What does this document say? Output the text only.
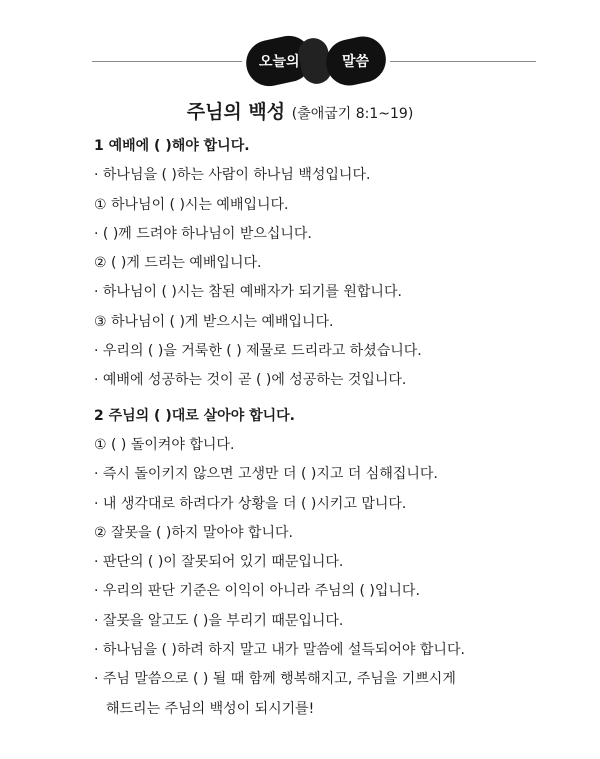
오늘의	말씀
주님의 백성 (출애굽기 8:1~19)
1 예배에 ( )해야 합니다.
· 하나님을 ( )하는 사람이 하나님 백성입니다.
① 하나님이 ( )시는 예배입니다.
· ( )께 드려야 하나님이 받으십니다.
② ( )게 드리는 예배입니다.
· 하나님이 ( )시는 참된 예배자가 되기를 원합니다.
③ 하나님이 ( )게 받으시는 예배입니다.
· 우리의 ( )을 거룩한 ( ) 제물로 드리라고 하셨습니다.
· 예배에 성공하는 것이 곧 ( )에 성공하는 것입니다.
2 주님의 ( )대로 살아야 합니다.
① ( ) 돌이켜야 합니다.
· 즉시 돌이키지 않으면 고생만 더 ( )지고 더 심해집니다.
· 내 생각대로 하려다가 상황을 더 ( )시키고 맙니다.
② 잘못을 ( )하지 말아야 합니다.
· 판단의 ( )이 잘못되어 있기 때문입니다.
· 우리의 판단 기준은 이익이 아니라 주님의 ( )입니다.
· 잘못을 알고도 ( )을 부리기 때문입니다.
· 하나님을 ( )하려 하지 말고 내가 말씀에 설득되어야 합니다.
· 주님 말씀으로 ( ) 될 때 함께 행복해지고, 주님을 기쁘시게
해드리는 주님의 백성이 되시기를!
